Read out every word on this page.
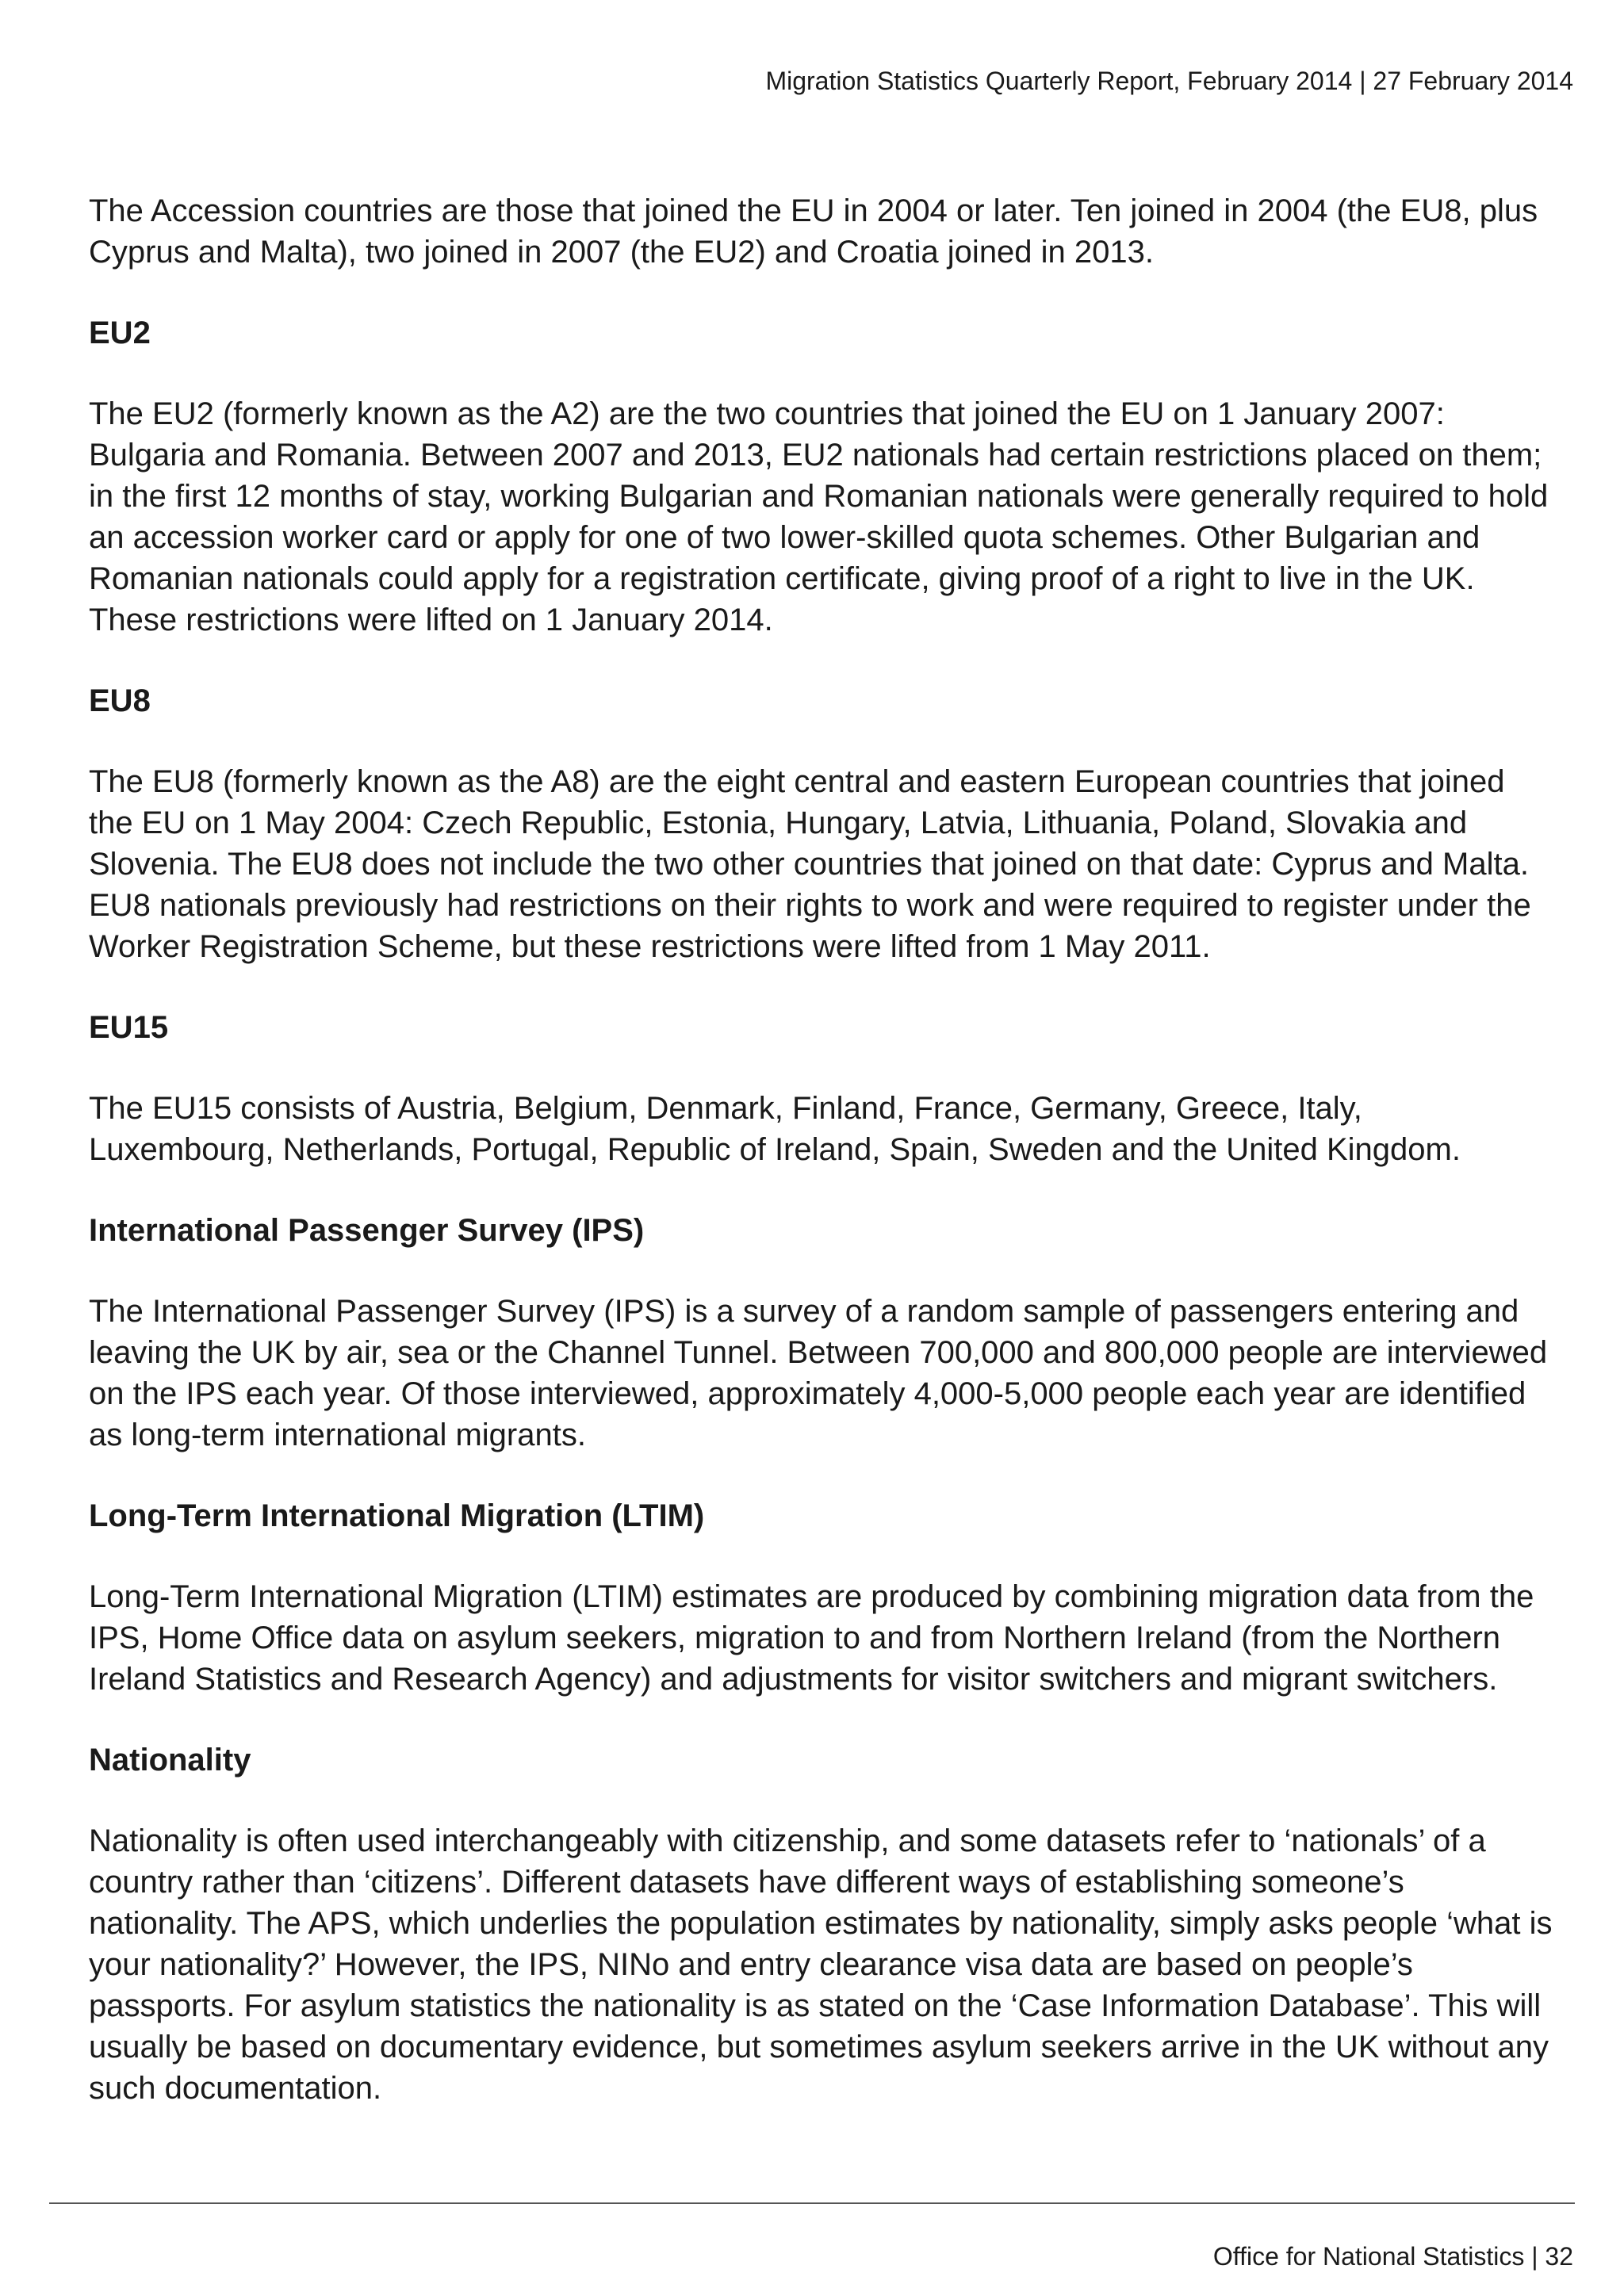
Migration Statistics Quarterly Report, February 2014 | 27 February 2014

The Accession countries are those that joined the EU in 2004 or later. Ten joined in 2004 (the EU8, plus Cyprus and Malta), two joined in 2007 (the EU2) and Croatia joined in 2013.

EU2

The EU2 (formerly known as the A2) are the two countries that joined the EU on 1 January 2007: Bulgaria and Romania. Between 2007 and 2013, EU2 nationals had certain restrictions placed on them; in the first 12 months of stay, working Bulgarian and Romanian nationals were generally required to hold an accession worker card or apply for one of two lower-skilled quota schemes. Other Bulgarian and Romanian nationals could apply for a registration certificate, giving proof of a right to live in the UK. These restrictions were lifted on 1 January 2014.

EU8

The EU8 (formerly known as the A8) are the eight central and eastern European countries that joined the EU on 1 May 2004: Czech Republic, Estonia, Hungary, Latvia, Lithuania, Poland, Slovakia and Slovenia. The EU8 does not include the two other countries that joined on that date: Cyprus and Malta. EU8 nationals previously had restrictions on their rights to work and were required to register under the Worker Registration Scheme, but these restrictions were lifted from 1 May 2011.

EU15

The EU15 consists of Austria, Belgium, Denmark, Finland, France, Germany, Greece, Italy, Luxembourg, Netherlands, Portugal, Republic of Ireland, Spain, Sweden and the United Kingdom.

International Passenger Survey (IPS)

The International Passenger Survey (IPS) is a survey of a random sample of passengers entering and leaving the UK by air, sea or the Channel Tunnel. Between 700,000 and 800,000 people are interviewed on the IPS each year. Of those interviewed, approximately 4,000-5,000 people each year are identified as long-term international migrants.

Long-Term International Migration (LTIM)

Long-Term International Migration (LTIM) estimates are produced by combining migration data from the IPS, Home Office data on asylum seekers, migration to and from Northern Ireland (from the Northern Ireland Statistics and Research Agency) and adjustments for visitor switchers and migrant switchers.

Nationality

Nationality is often used interchangeably with citizenship, and some datasets refer to ‘nationals’ of a country rather than ‘citizens’. Different datasets have different ways of establishing someone’s nationality. The APS, which underlies the population estimates by nationality, simply asks people ‘what is your nationality?’ However, the IPS, NINo and entry clearance visa data are based on people’s passports. For asylum statistics the nationality is as stated on the ‘Case Information Database’. This will usually be based on documentary evidence, but sometimes asylum seekers arrive in the UK without any such documentation.

Office for National Statistics | 32
